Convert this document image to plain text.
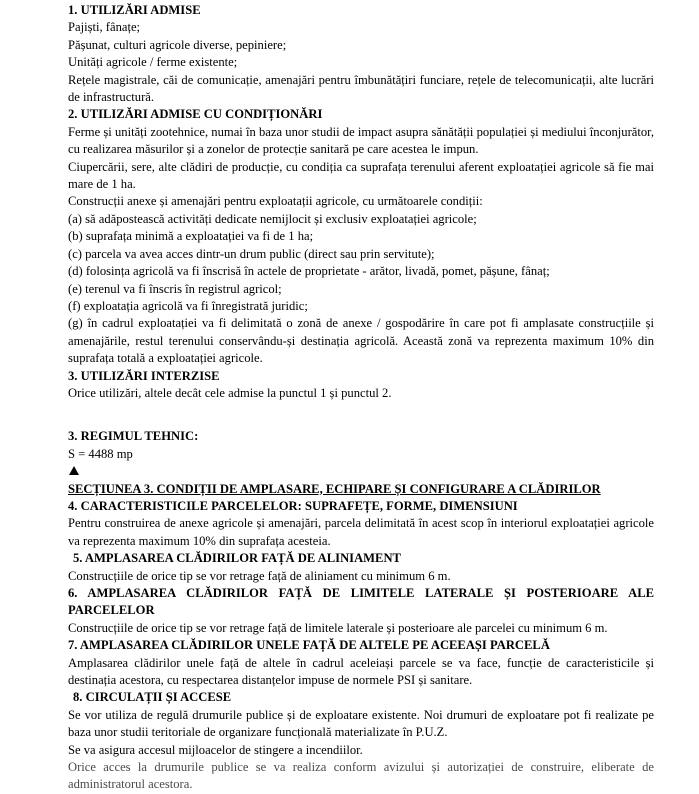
1. UTILIZĂRI ADMISE

Pajiști, fânațe;

Pășunat, culturi agricole diverse, pepiniere;

Unități agricole / ferme existente;

Rețele magistrale, căi de comunicație, amenajări pentru îmbunătățiri funciare, rețele de telecomunicații, alte lucrări de infrastructură.

2. UTILIZĂRI ADMISE CU CONDIȚIONĂRI

Ferme și unități zootehnice, numai în baza unor studii de impact asupra sănătății populației și mediului înconjurător, cu realizarea măsurilor și a zonelor de protecție sanitară pe care acestea le impun.

Ciupercării, sere, alte clădiri de producție, cu condiția ca suprafața terenului aferent exploatației agricole să fie mai mare de 1 ha.

Construcții anexe și amenajări pentru exploatații agricole, cu următoarele condiții:

(a) să adăpostească activități dedicate nemijlocit și exclusiv exploatației agricole;

(b) suprafața minimă a exploatației va fi de 1 ha;

(c) parcela va avea acces dintr-un drum public (direct sau prin servitute);

(d) folosința agricolă va fi înscrisă în actele de proprietate - arător, livadă, pomet, pășune, fânaț;

(e) terenul va fi înscris în registrul agricol;

(f) exploatația agricolă va fi înregistrată juridic;

(g) în cadrul exploatației va fi delimitată o zonă de anexe / gospodărire în care pot fi amplasate construcțiile și amenajările, restul terenului conservându-și destinația agricolă. Această zonă va reprezenta maximum 10% din suprafața totală a exploatației agricole.

3. UTILIZĂRI INTERZISE

Orice utilizări, altele decât cele admise la punctul 1 și punctul 2.

3. REGIMUL TEHNIC:

S = 4488 mp

SECȚIUNEA 3. CONDIȚII DE AMPLASARE, ECHIPARE ȘI CONFIGURARE A CLĂDIRILOR

4. CARACTERISTICILE PARCELELOR: SUPRAFEȚE, FORME, DIMENSIUNI

Pentru construirea de anexe agricole și amenajări, parcela delimitată în acest scop în interiorul exploatației agricole va reprezenta maximum 10% din suprafața acesteia.

5. AMPLASAREA CLĂDIRILOR FAȚĂ DE ALINIAMENT

Construcțiile de orice tip se vor retrage față de aliniament cu minimum 6 m.

6. AMPLASAREA CLĂDIRILOR FAȚĂ DE LIMITELE LATERALE ȘI POSTERIOARE ALE PARCELELOR

Construcțiile de orice tip se vor retrage față de limitele laterale și posterioare ale parcelei cu minimum 6 m.

7. AMPLASAREA CLĂDIRILOR UNELE FAȚĂ DE ALTELE PE ACEEAȘI PARCELĂ

Amplasarea clădirilor unele față de altele în cadrul aceleiași parcele se va face, funcție de caracteristicile și destinația acestora, cu respectarea distanțelor impuse de normele PSI și sanitare.

8. CIRCULAȚII ȘI ACCESE

Se vor utiliza de regulă drumurile publice și de exploatare existente. Noi drumuri de exploatare pot fi realizate pe baza unor studii teritoriale de organizare funcțională materializate în P.U.Z.

Se va asigura accesul mijloacelor de stingere a incendiilor.

Orice acces la drumurile publice se va realiza conform avizului și autorizației de construire, eliberate de administratorul acestora.
